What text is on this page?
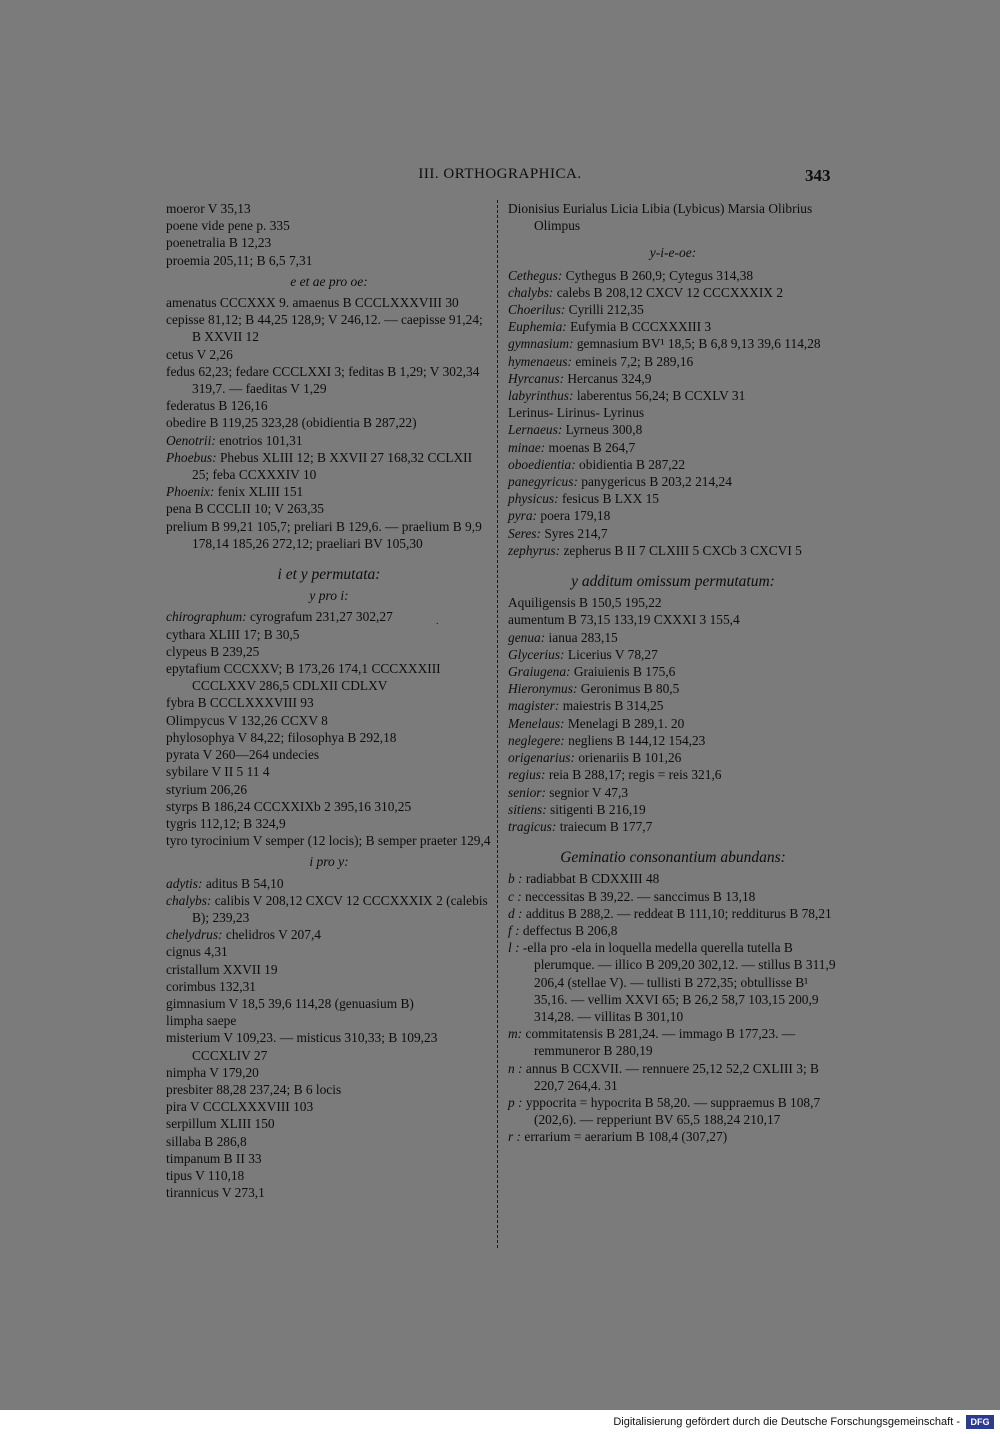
III. ORTHOGRAPHICA.	343

moeror V 35,13

poene vide pene p. 335

poenetralia B 12,23

proemia 205,11; B 6,5 7,31

e et ae pro oe:

amenatus CCCXXX 9. amaenus B CCCLXXXVIII 30

cepisse 81,12; B 44,25 128,9; V 246,12. — caepisse 91,24; B XXVII 12

cetus V 2,26

fedus 62,23; fedare CCCLXXI 3; feditas B 1,29; V 302,34 319,7. — faeditas V 1,29

federatus B 126,16

obedire B 119,25 323,28 (obidientia B 287,22)

Oenotrii: enotrios 101,31

Phoebus: Phebus XLIII 12; B XXVII 27 168,32 CCLXII 25; feba CCXXXIV 10

Phoenix: fenix XLIII 151

pena B CCCLII 10; V 263,35

prelium B 99,21 105,7; preliari B 129,6. — praelium B 9,9 178,14 185,26 272,12; praeliari BV 105,30

i et y permutata:
y pro i:

chirographum: cyrografum 231,27 302,27

cythara XLIII 17; B 30,5

clypeus B 239,25

epytafium CCCXXV; B 173,26 174,1 CCCXXXIII CCCLXXV 286,5 CDLXII CDLXV

fybra B CCCLXXXVIII 93

Olimpycus V 132,26 CCXV 8

phylosophya V 84,22; filosophya B 292,18

pyrata V 260—264 undecies

sybilare V II 5 11 4

styrium 206,26

styrps B 186,24 CCCXXIXb 2 395,16 310,25

tygris 112,12; B 324,9

tyro tyrocinium V semper (12 locis); B semper praeter 129,4

i pro y:

adytis: aditus B 54,10

chalybs: calibis V 208,12 CXCV 12 CCCXXXIX 2 (calebis B); 239,23

chelydrus: chelidros V 207,4

cignus 4,31

cristallum XXVII 19

corimbus 132,31

gimnasium V 18,5 39,6 114,28 (genuasium B)

limpha saepe

misterium V 109,23. — misticus 310,33; B 109,23 CCCXLIV 27

nimpha V 179,20

presbiter 88,28 237,24; B 6 locis

pira V CCCLXXXVIII 103

serpillum XLIII 150

sillaba B 286,8

timpanum B II 33

tipus V 110,18

tirannicus V 273,1

Dionisius Eurialus Licia Libia (Lybicus) Marsia Olibrius Olimpus

y-i-e-oe:

Cethegus: Cythegus B 260,9; Cytegus 314,38

chalybs: calebs B 208,12 CXCV 12 CCCXXXIX 2

Choerilus: Cyrilli 212,35

Euphemia: Eufymia B CCCXXXIII 3

gymnasium: gemnasium BV¹ 18,5; B 6,8 9,13 39,6 114,28

hymenaeus: emineis 7,2; B 289,16

Hyrcanus: Hercanus 324,9

labyrinthus: laberentus 56,24; B CCXLV 31

Lerinus- Lirinus- Lyrinus

Lernaeus: Lyrneus 300,8

minae: moenas B 264,7

oboedientia: obidientia B 287,22

panegyricus: panygericus B 203,2 214,24

physicus: fesicus B LXX 15

pyra: poera 179,18

Seres: Syres 214,7

zephyrus: zepherus B II 7 CLXIII 5 CXCb 3 CXCVI 5

y additum omissum permutatum:

Aquiligensis B 150,5 195,22

aumentum B 73,15 133,19 CXXXI 3 155,4

genua: ianua 283,15

Glycerius: Licerius V 78,27

Graiugena: Graiuienis B 175,6

Hieronymus: Geronimus B 80,5

magister: maiestris B 314,25

Menelaus: Menelagi B 289,1. 20

neglegere: negliens B 144,12 154,23

origenarius: orienariis B 101,26

regius: reia B 288,17; regis = reis 321,6

senior: segnior V 47,3

sitiens: sitigenti B 216,19

tragicus: traiecum B 177,7

Geminatio consonantium abundans:

b : radiabbat B CDXXIII 48

c : neccessitas B 39,22. — sanccimus B 13,18

d : additus B 288,2. — reddeat B 111,10; redditurus B 78,21

f : deffectus B 206,8

l : -ella pro -ela in loquella medella querella tutella B plerumque. — illico B 209,20 302,12. — stillus B 311,9 206,4 (stellae V). — tullisti B 272,35; obtullisse B¹ 35,16. — vellim XXVI 65; B 26,2 58,7 103,15 200,9 314,28. — villitas B 301,10

m: commitatensis B 281,24. — immago B 177,23. — remmuneror B 280,19

n : annus B CCXVII. — rennuere 25,12 52,2 CXLIII 3; B 220,7 264,4. 31

p : yppocrita = hypocrita B 58,20. — suppraemus B 108,7 (202,6). — repperiunt BV 65,5 188,24 210,17

r : errarium = aerarium B 108,4 (307,27)

.
Digitalisierung gefördert durch die Deutsche Forschungsgemeinschaft -
DFG
